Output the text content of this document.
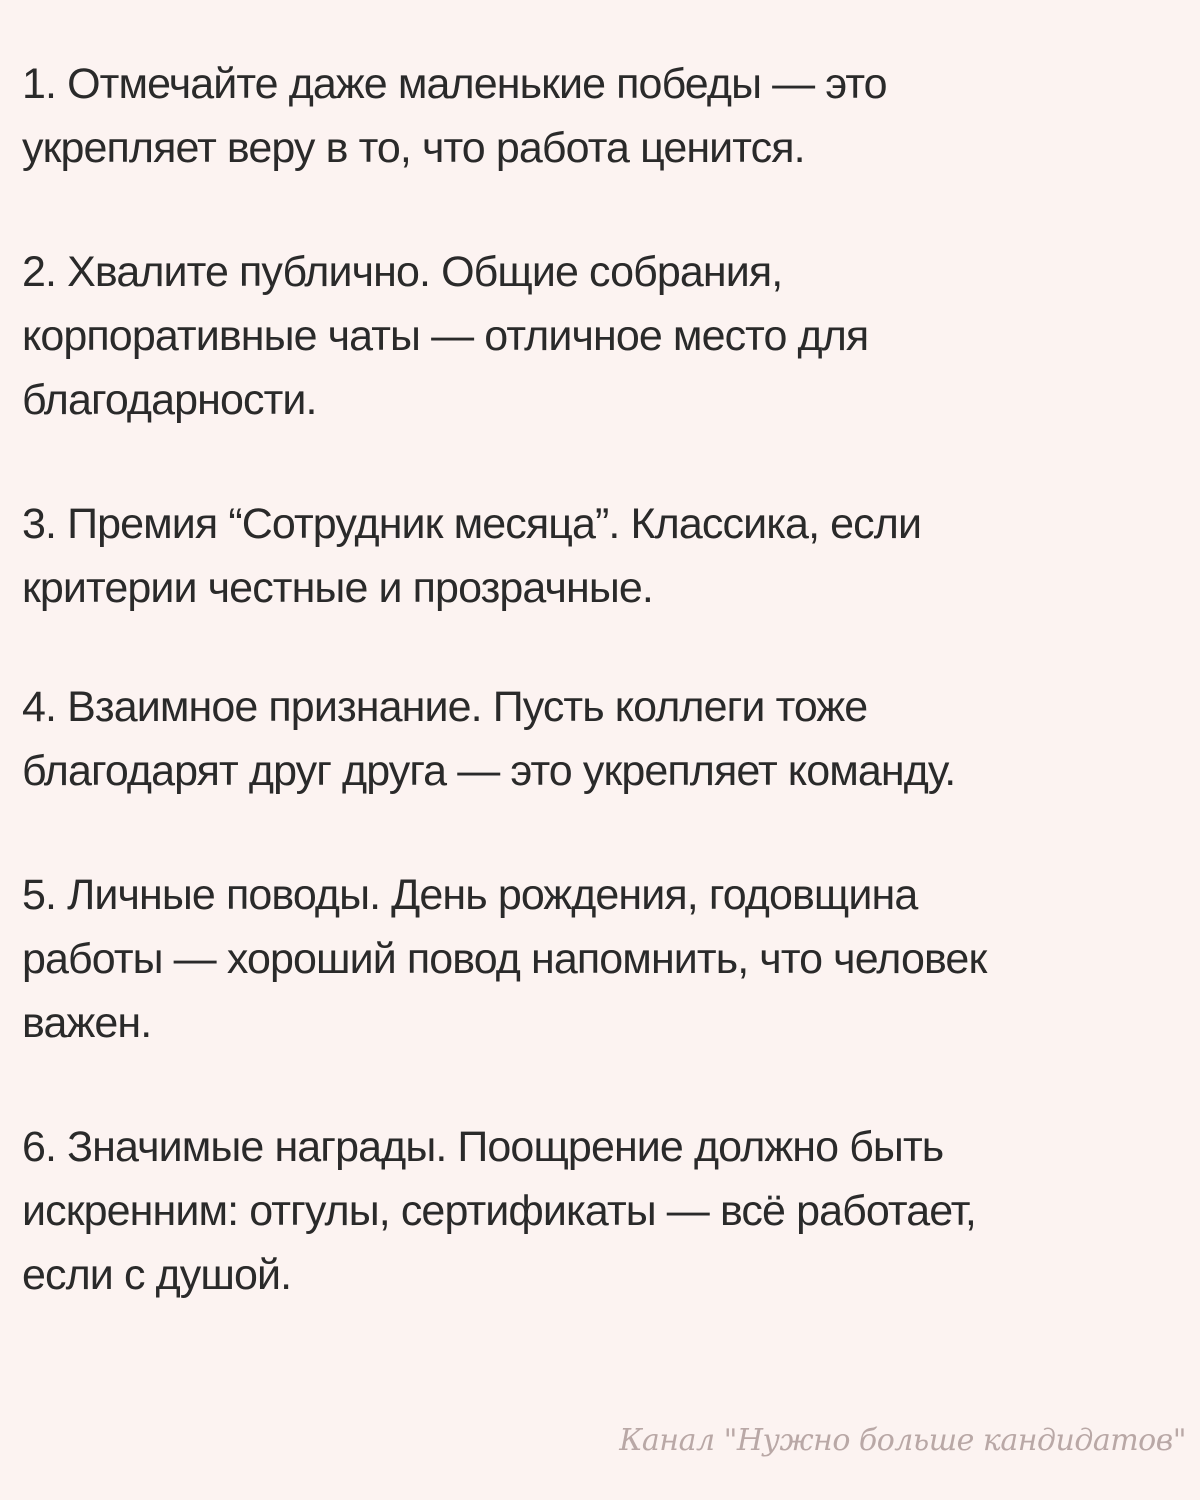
1. Отмечайте даже маленькие победы — это
укрепляет веру в то, что работа ценится.

2. Хвалите публично. Общие собрания,
корпоративные чаты — отличное место для
благодарности.

3. Премия “Сотрудник месяца”. Классика, если
критерии честные и прозрачные.

4. Взаимное признание. Пусть коллеги тоже
благодарят друг друга — это укрепляет команду.

5. Личные поводы. День рождения, годовщина
работы — хороший повод напомнить, что человек
важен.

6. Значимые награды. Поощрение должно быть
искренним: отгулы, сертификаты — всё работает,
если с душой.

Канал "Нужно больше кандидатов"
